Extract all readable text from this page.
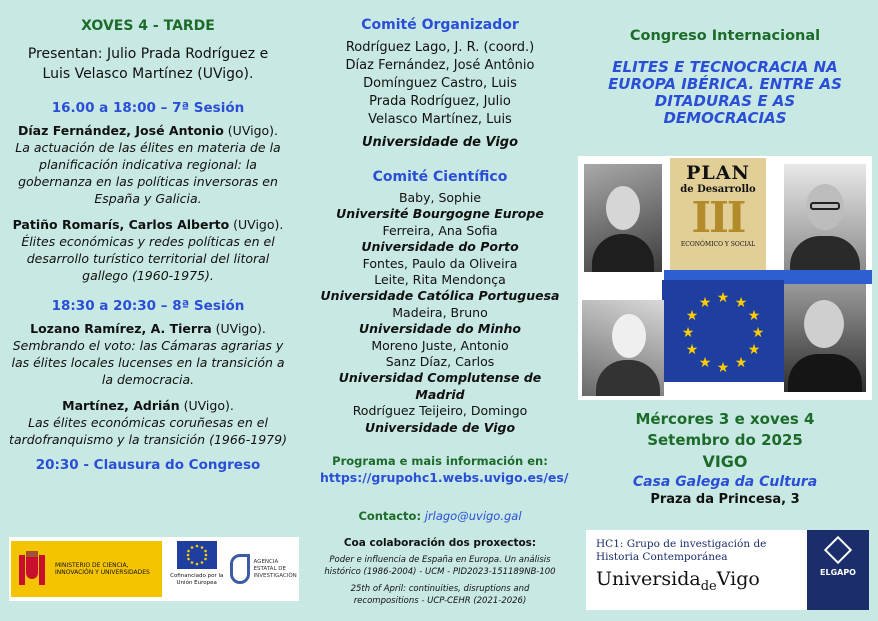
XOVES 4 - TARDE
Presentan: Julio Prada Rodríguez e Luis Velasco Martínez (UVigo).
16.00 a 18:00 – 7ª Sesión
Díaz Fernández, José Antonio (UVigo).
La actuación de las élites en materia de la planificación indicativa regional: la gobernanza en las políticas inversoras en España y Galicia.
Patiño Romarís, Carlos Alberto (UVigo).
Élites económicas y redes políticas en el desarrollo turístico territorial del litoral gallego (1960-1975).
18:30 a 20:30 – 8ª Sesión
Lozano Ramírez, A. Tierra (UVigo).
Sembrando el voto: las Cámaras agrarias y las élites locales lucenses en la transición a la democracia.
Martínez, Adrián (UVigo).
Las élites económicas coruñesas en el tardofranquismo y la transición (1966-1979)
20:30 - Clausura do Congreso
MINISTERIO DE CIENCIA, INNOVACIÓN Y UNIVERSIDADES	Cofinanciado por la Unión Europea
AGENCIA ESTATAL DE INVESTIGACIÓN
Comité Organizador
Rodríguez Lago, J. R. (coord.)
Díaz Fernández, José Antônio
Domínguez Castro, Luis
Prada Rodríguez, Julio
Velasco Martínez, Luis
Universidade de Vigo
Comité Científico
Baby, Sophie
Université Bourgogne Europe
Ferreira, Ana Sofia
Universidade do Porto
Fontes, Paulo da Oliveira
Leite, Rita Mendonça
Universidade Católica Portuguesa
Madeira, Bruno
Universidade do Minho
Moreno Juste, Antonio
Sanz Díaz, Carlos
Universidad Complutense de Madrid
Rodríguez Teijeiro, Domingo
Universidade de Vigo
Programa e mais información en:
https://grupohc1.webs.uvigo.es/es/
Contacto: jrlago@uvigo.gal
Coa colaboración dos proxectos:
Poder e influencia de España en Europa. Un análisis histórico (1986-2004) - UCM - PID2023-151189NB-100
25th of April: continuities, disruptions and recompositions - UCP-CEHR (2021-2026)
Congreso Internacional
ELITES E TECNOCRACIA NA EUROPA IBÉRICA. ENTRE AS DITADURAS E AS DEMOCRACIAS
PLAN
de Desarrollo
III
ECONÓMICO Y SOCIAL
★ ★
★
★
★
★
★
★
★
★
★
★
Mércores 3 e xoves 4
Setembro do 2025
VIGO
Casa Galega da Cultura
Praza da Princesa, 3
HC1: Grupo de investigación de
Historia Contemporánea
Universida$_{de}$Vigo	ELGAPO
